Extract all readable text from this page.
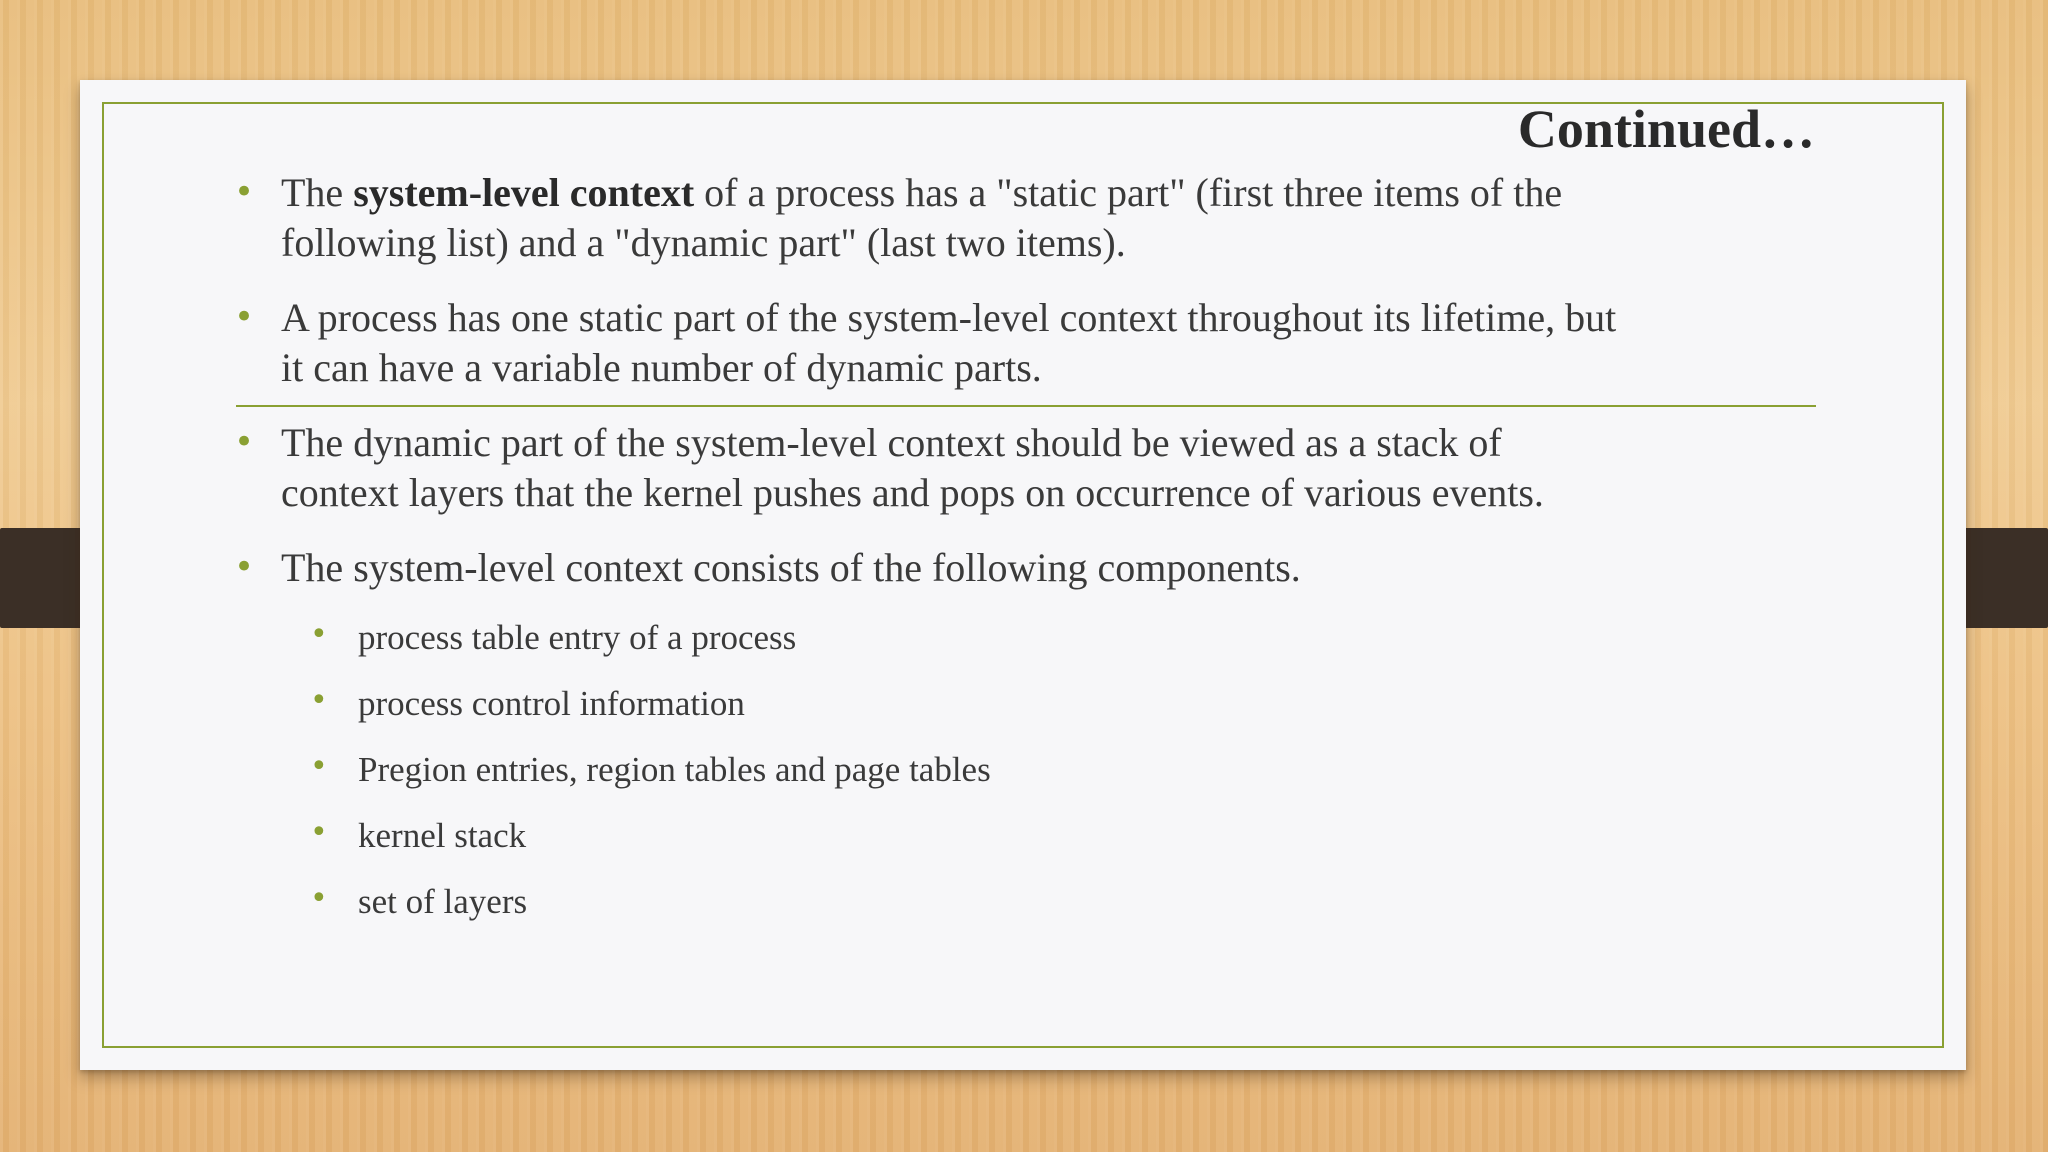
Continued…
• The system-level context of a process has a "static part" (first three items of the
following list) and a "dynamic part" (last two items).
• A process has one static part of the system-level context throughout its lifetime, but
it can have a variable number of dynamic parts.
• The dynamic part of the system-level context should be viewed as a stack of
context layers that the kernel pushes and pops on occurrence of various events.
• The system-level context consists of the following components.
• process table entry of a process
• process control information
• Pregion entries, region tables and page tables
• kernel stack
• set of layers
